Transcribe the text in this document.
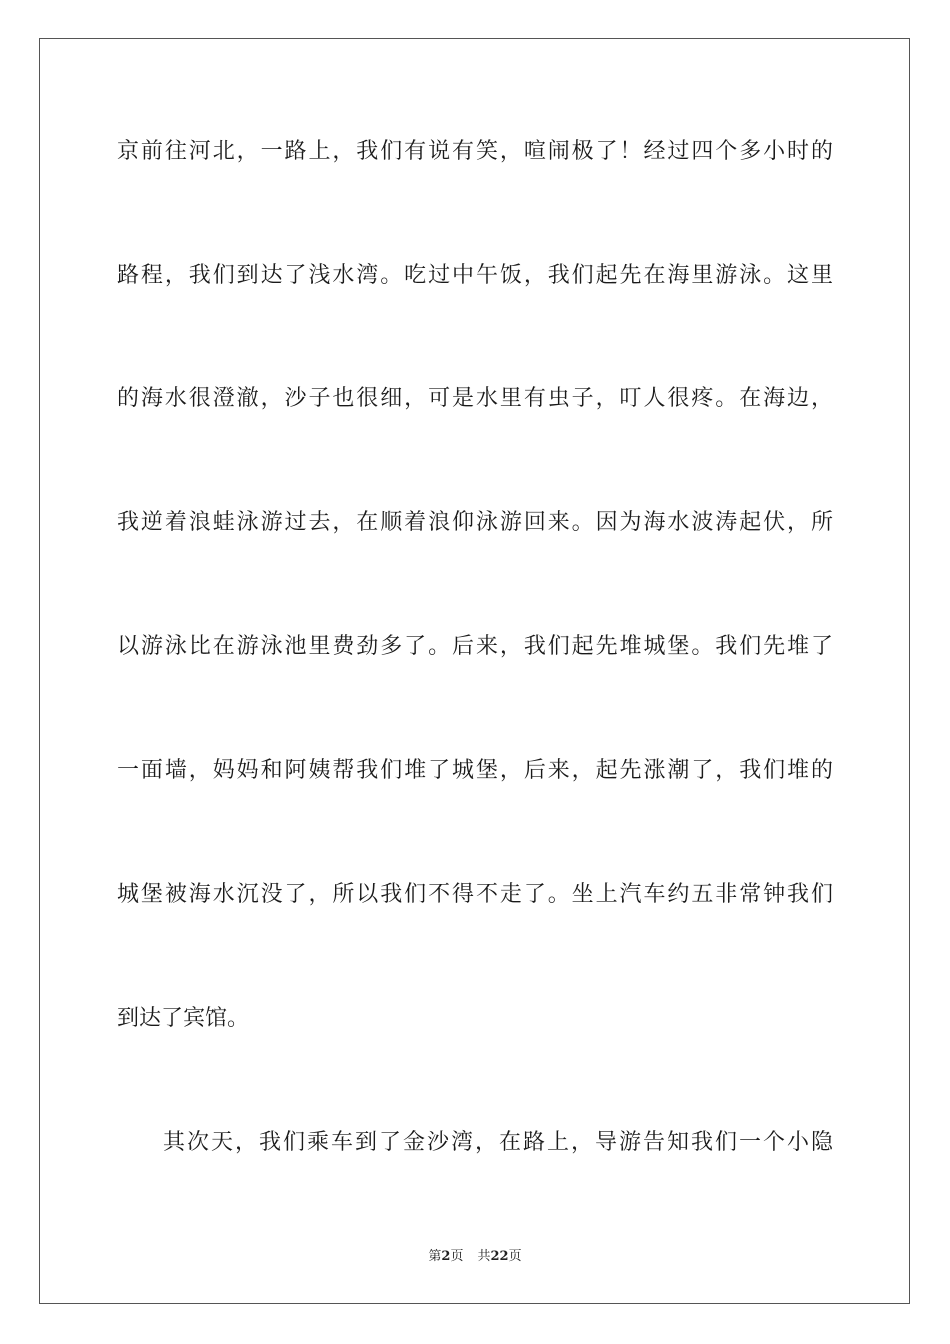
京前往河北，一路上，我们有说有笑，喧闹极了！经过四个多小时的
路程，我们到达了浅水湾。吃过中午饭，我们起先在海里游泳。这里
的海水很澄澈，沙子也很细，可是水里有虫子，叮人很疼。在海边，
我逆着浪蛙泳游过去，在顺着浪仰泳游回来。因为海水波涛起伏，所
以游泳比在游泳池里费劲多了。后来，我们起先堆城堡。我们先堆了
一面墙，妈妈和阿姨帮我们堆了城堡，后来，起先涨潮了，我们堆的
城堡被海水沉没了，所以我们不得不走了。坐上汽车约五非常钟我们
到达了宾馆。
其次天，我们乘车到了金沙湾，在路上，导游告知我们一个小隐
第2页 共22页
